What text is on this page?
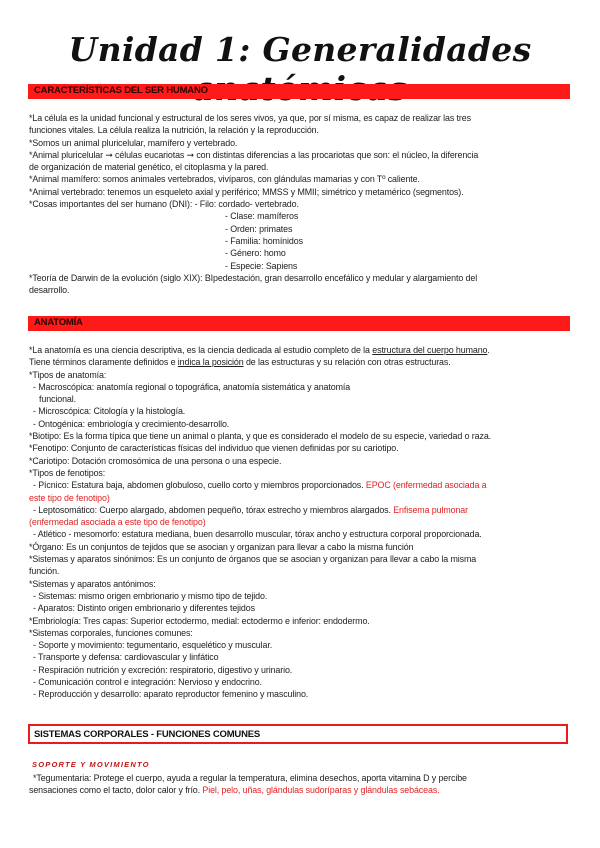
Unidad 1: Generalidades
CARACTERÍSTICAS DEL SER HUMANO

*La célula es la unidad funcional y estructural de los seres vivos, ya que, por sí misma, es capaz de realizar las tres

funciones vitales. La célula realiza la nutrición, la relación y la reproducción.

*Somos un animal pluricelular, mamífero y vertebrado.

*Animal pluricelular ➞ células eucariotas ➞ con distintas diferencias a las procariotas que son: el núcleo, la diferencia

de organización de material genético, el citoplasma y la pared.

*Animal mamífero: somos animales vertebrados, vivíparos, con glándulas mamarias y con Tº caliente.

*Animal vertebrado: tenemos un esqueleto axial y periférico; MMSS y MMII; simétrico y metamérico (segmentos).

*Cosas importantes del ser humano (DNI): - Filo: cordado- vertebrado.

- Clase: mamíferos

- Orden: primates

- Familia: homínidos

- Género: homo

- Especie: Sapiens

*Teoría de Darwin de la evolución (siglo XIX): BIpedestación, gran desarrollo encefálico y medular y alargamiento del

desarrollo.

ANATOMÍA

*La anatomía es una ciencia descriptiva, es la ciencia dedicada al estudio completo de la estructura del cuerpo humano.

Tiene términos claramente definidos e indica la posición de las estructuras y su relación con otras estructuras.

*Tipos de anatomía:

- Macroscópica: anatomía regional o topográfica, anatomía sistemática y anatomía

funcional.

- Microscópica: Citología y la histología.

- Ontogénica: embriología y crecimiento-desarrollo.

*Biotipo: Es la forma típica que tiene un animal o planta, y que es considerado el modelo de su especie, variedad o raza.

*Fenotipo: Conjunto de características físicas del individuo que vienen definidas por su cariotipo.

*Cariotipo: Dotación cromosómica de una persona o una especie.

*Tipos de fenotipos:

- Pícnico: Estatura baja, abdomen globuloso, cuello corto y miembros proporcionados. EPOC (enfermedad asociada a

este tipo de fenotipo)

- Leptosomático: Cuerpo alargado, abdomen pequeño, tórax estrecho y miembros alargados. Enfisema pulmonar

(enfermedad asociada a este tipo de fenotipo)

- Atlético - mesomorfo: estatura mediana, buen desarrollo muscular, tórax ancho y estructura corporal proporcionada.

*Órgano: Es un conjuntos de tejidos que se asocian y organizan para llevar a cabo la misma función

*Sistemas y aparatos sinónimos: Es un conjunto de órganos que se asocian y organizan para llevar a cabo la misma

función.

*Sistemas y aparatos antónimos:

- Sistemas: mismo origen embrionario y mismo tipo de tejido.

- Aparatos: Distinto origen embrionario y diferentes tejidos

*Embriología: Tres capas: Superior ectodermo, medial: ectodermo e inferior: endodermo.

*Sistemas corporales, funciones comunes:

- Soporte y movimiento: tegumentario, esquelético y muscular.

- Transporte y defensa: cardiovascular y linfático

- Respiración nutrición y excreción: respiratorio, digestivo y urinario.

- Comunicación control e integración: Nervioso y endocrino.

- Reproducción y desarrollo: aparato reproductor femenino y masculino.

SISTEMAS CORPORALES - FUNCIONES COMUNES
SOPORTE Y MOVIMIENTO

*Tegumentaria: Protege el cuerpo, ayuda a regular la temperatura, elimina desechos, aporta vitamina D y percibe

sensaciones como el tacto, dolor calor y frío. Piel, pelo, uñas, glándulas sudoríparas y glándulas sebáceas.
